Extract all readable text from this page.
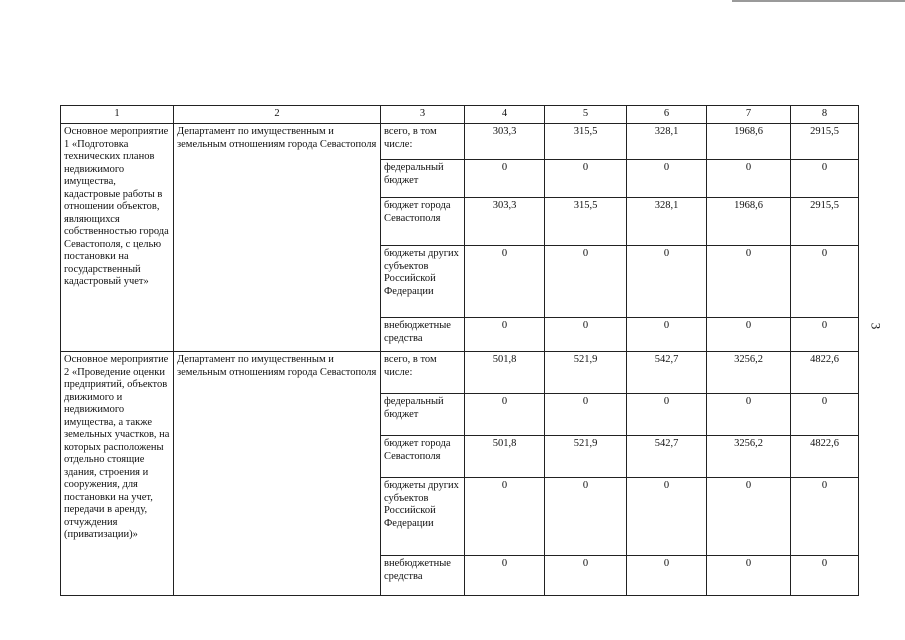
3
1	2	3	4	5	6	7	8
Основное мероприятие 1 «Подготовка технических планов недвижимого имущества, кадастровые работы в отношении объектов, являющихся собственностью города Севастополя, с целью постановки на государственный кадастровый учет»	Департамент по имущественным и земельным отношениям города Севастополя	всего, в том числе:	303,3	315,5	328,1	1968,6	2915,5
		федеральный бюджет	0	0	0	0	0
		бюджет города Севастополя	303,3	315,5	328,1	1968,6	2915,5
		бюджеты других субъектов Российской Федерации	0	0	0	0	0
		внебюджетные средства	0	0	0	0	0
Основное мероприятие 2 «Проведение оценки предприятий, объектов движимого и недвижимого имущества, а также земельных участков, на которых расположены отдельно стоящие здания, строения и сооружения, для постановки на учет, передачи в аренду, отчуждения (приватизации)»	Департамент по имущественным и земельным отношениям города Севастополя	всего, в том числе:	501,8	521,9	542,7	3256,2	4822,6
		федеральный бюджет	0	0	0	0	0
		бюджет города Севастополя	501,8	521,9	542,7	3256,2	4822,6
		бюджеты других субъектов Российской Федерации	0	0	0	0	0
		внебюджетные средства	0	0	0	0	0
